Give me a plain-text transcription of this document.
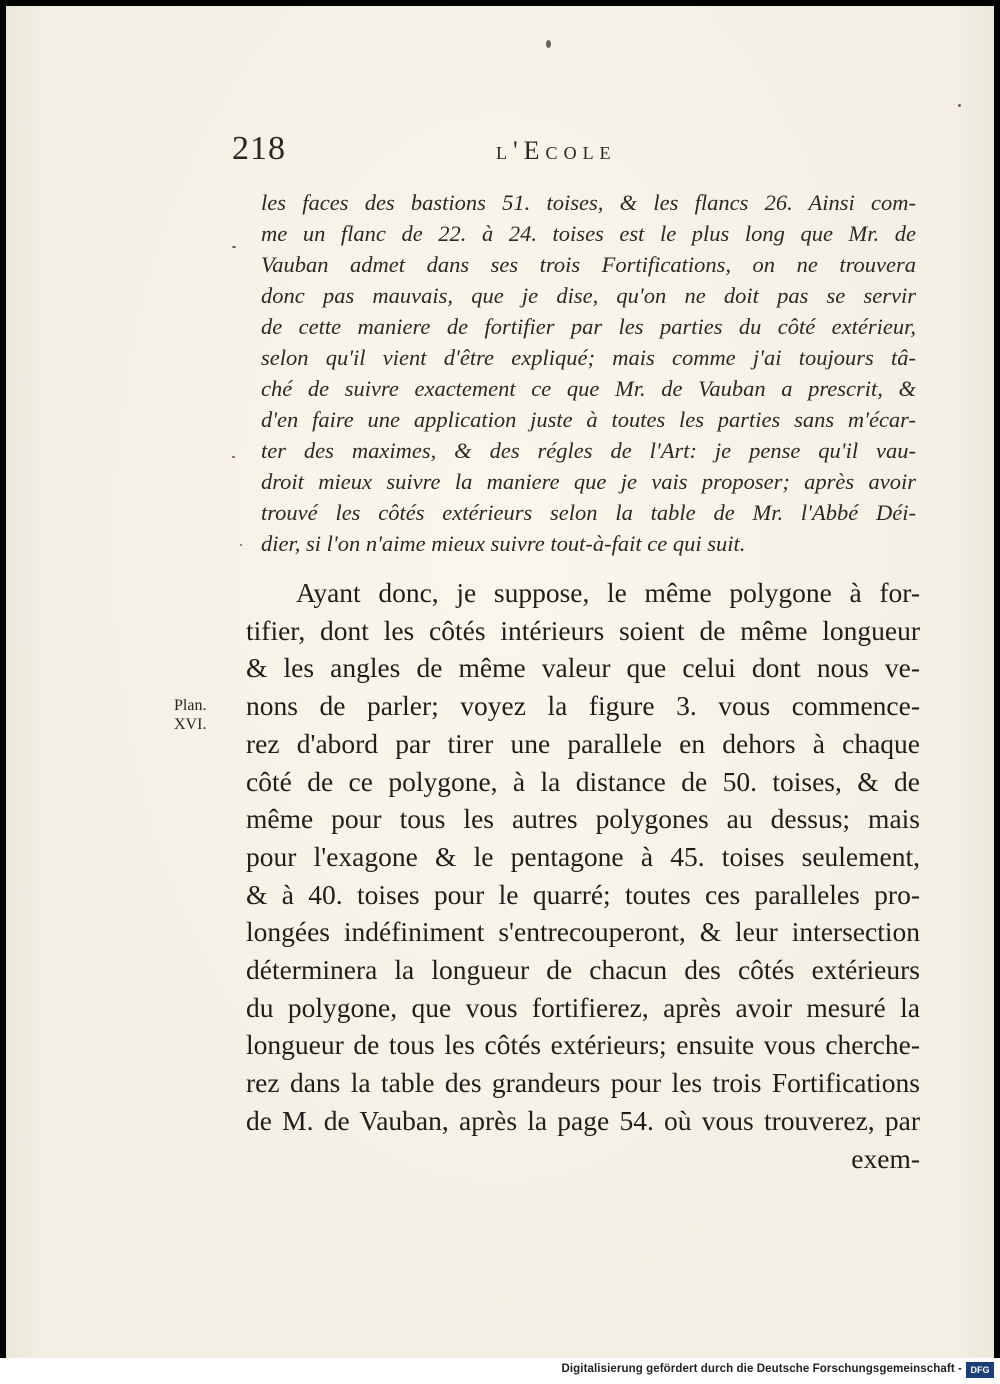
218	l'Ecole
les faces des bastions 51. toises, & les flancs 26. Ainsi com-
me un flanc de 22. à 24. toises est le plus long que Mr. de
Vauban admet dans ses trois Fortifications, on ne trouvera
donc pas mauvais, que je dise, qu'on ne doit pas se servir
de cette maniere de fortifier par les parties du côté extérieur,
selon qu'il vient d'être expliqué; mais comme j'ai toujours tâ-
ché de suivre exactement ce que Mr. de Vauban a prescrit, &
d'en faire une application juste à toutes les parties sans m'écar-
ter des maximes, & des régles de l'Art: je pense qu'il vau-
droit mieux suivre la maniere que je vais proposer; après avoir
trouvé les côtés extérieurs selon la table de Mr. l'Abbé Déi-
dier, si l'on n'aime mieux suivre tout-à-fait ce qui suit.
Plan.
XVI.
Ayant donc, je suppose, le même polygone à for-
tifier, dont les côtés intérieurs soient de même longueur
& les angles de même valeur que celui dont nous ve-
nons de parler; voyez la figure 3. vous commence-
rez d'abord par tirer une parallele en dehors à chaque
côté de ce polygone, à la distance de 50. toises, & de
même pour tous les autres polygones au dessus; mais
pour l'exagone & le pentagone à 45. toises seulement,
& à 40. toises pour le quarré; toutes ces paralleles pro-
longées indéfiniment s'entrecouperont, & leur intersection
déterminera la longueur de chacun des côtés extérieurs
du polygone, que vous fortifierez, après avoir mesuré la
longueur de tous les côtés extérieurs; ensuite vous cherche-
rez dans la table des grandeurs pour les trois Fortifications
de M. de Vauban, après la page 54. où vous trouverez, par
exem-
Digitalisierung gefördert durch die Deutsche Forschungsgemeinschaft - DFG
